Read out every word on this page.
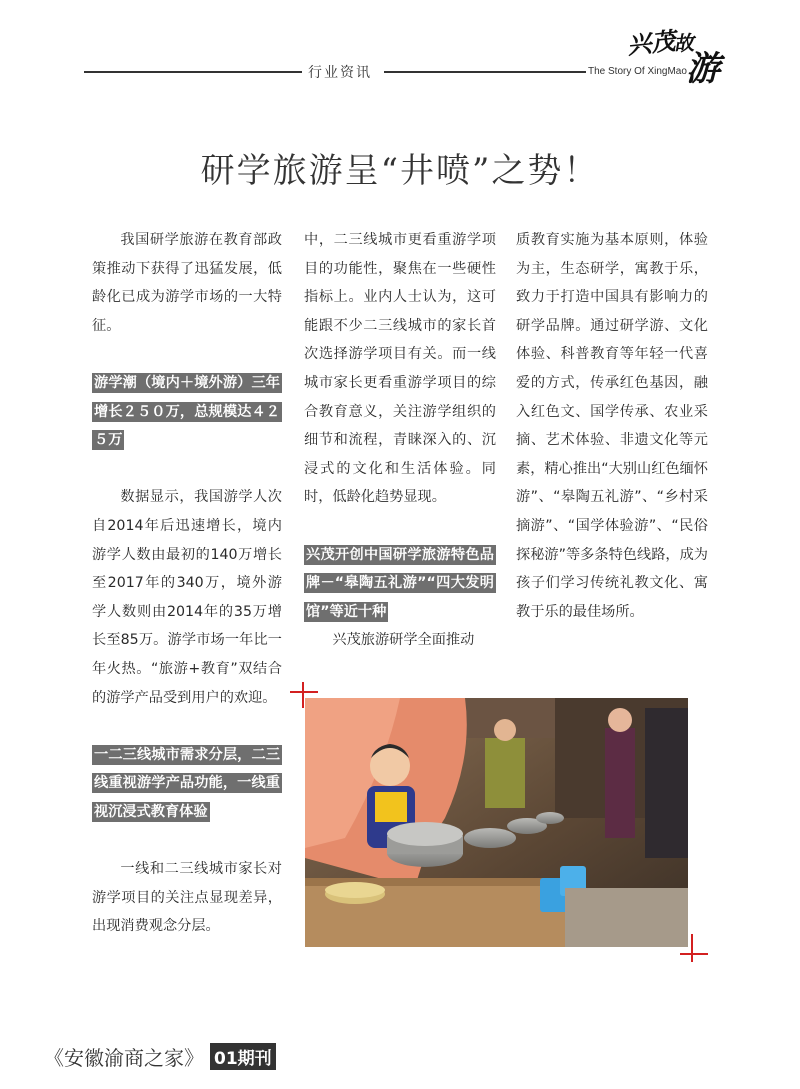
行业资讯	The Story Of XingMao
兴茂
故
游
研学旅游呈“井喷”之势！

我国研学旅游在教育部政策推动下获得了迅猛发展，低龄化已成为游学市场的一大特征。

游学潮（境内＋境外游）三年增长２５０万，总规模达４２５万

数据显示，我国游学人次自2014年后迅速增长，境内游学人数由最初的140万增长至2017年的340万，境外游学人数则由2014年的35万增长至85万。游学市场一年比一年火热。“旅游+教育”双结合的游学产品受到用户的欢迎。

一二三线城市需求分层，二三线重视游学产品功能，一线重视沉浸式教育体验

一线和二三线城市家长对游学项目的关注点显现差异，出现消费观念分层。

中，二三线城市更看重游学项目的功能性，聚焦在一些硬性指标上。业内人士认为，这可能跟不少二三线城市的家长首次选择游学项目有关。而一线城市家长更看重游学项目的综合教育意义，关注游学组织的细节和流程，青睐深入的、沉浸式的文化和生活体验。同时，低龄化趋势显现。

兴茂开创中国研学旅游特色品牌－“皋陶五礼游”“四大发明馆”等近十种

兴茂旅游研学全面推动

质教育实施为基本原则，体验为主，生态研学，寓教于乐，致力于打造中国具有影响力的研学品牌。通过研学游、文化体验、科普教育等年轻一代喜爱的方式，传承红色基因，融入红色文、国学传承、农业采摘、艺术体验、非遗文化等元素，精心推出“大别山红色缅怀游”、“皋陶五礼游”、“乡村采摘游”、“国学体验游”、“民俗探秘游”等多条特色线路，成为孩子们学习传统礼教文化、寓教于乐的最佳场所。

《安徽渝商之家》 01期刊
